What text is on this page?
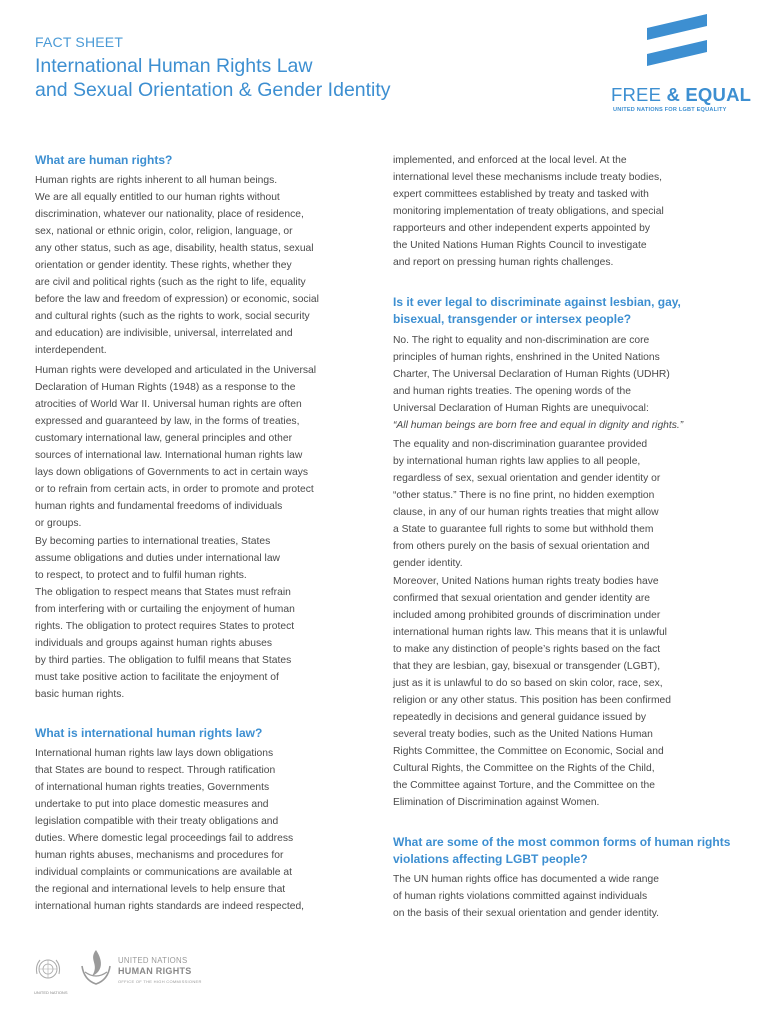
FACT SHEET
International Human Rights Law
and Sexual Orientation & Gender Identity	FREE & EQUAL
UNITED NATIONS FOR LGBT EQUALITY
What are human rights?

Human rights are rights inherent to all human beings.
We are all equally entitled to our human rights without
discrimination, whatever our nationality, place of residence,
sex, national or ethnic origin, color, religion, language, or
any other status, such as age, disability, health status, sexual
orientation or gender identity. These rights, whether they
are civil and political rights (such as the right to life, equality
before the law and freedom of expression) or economic, social
and cultural rights (such as the rights to work, social security
and education) are indivisible, universal, interrelated and
interdependent.

Human rights were developed and articulated in the Universal
Declaration of Human Rights (1948) as a response to the
atrocities of World War II. Universal human rights are often
expressed and guaranteed by law, in the forms of treaties,
customary international law, general principles and other
sources of international law. International human rights law
lays down obligations of Governments to act in certain ways
or to refrain from certain acts, in order to promote and protect
human rights and fundamental freedoms of individuals
or groups.

By becoming parties to international treaties, States
assume obligations and duties under international law
to respect, to protect and to fulfil human rights.
The obligation to respect means that States must refrain
from interfering with or curtailing the enjoyment of human
rights. The obligation to protect requires States to protect
individuals and groups against human rights abuses
by third parties. The obligation to fulfil means that States
must take positive action to facilitate the enjoyment of
basic human rights.

What is international human rights law?

International human rights law lays down obligations
that States are bound to respect. Through ratification
of international human rights treaties, Governments
undertake to put into place domestic measures and
legislation compatible with their treaty obligations and
duties. Where domestic legal proceedings fail to address
human rights abuses, mechanisms and procedures for
individual complaints or communications are available at
the regional and international levels to help ensure that
international human rights standards are indeed respected,

implemented, and enforced at the local level. At the
international level these mechanisms include treaty bodies,
expert committees established by treaty and tasked with
monitoring implementation of treaty obligations, and special
rapporteurs and other independent experts appointed by
the United Nations Human Rights Council to investigate
and report on pressing human rights challenges.

Is it ever legal to discriminate against lesbian, gay,
bisexual, transgender or intersex people?

No. The right to equality and non-discrimination are core
principles of human rights, enshrined in the United Nations
Charter, The Universal Declaration of Human Rights (UDHR)
and human rights treaties. The opening words of the
Universal Declaration of Human Rights are unequivocal:
“All human beings are born free and equal in dignity and rights.”

The equality and non-discrimination guarantee provided
by international human rights law applies to all people,
regardless of sex, sexual orientation and gender identity or
“other status.” There is no fine print, no hidden exemption
clause, in any of our human rights treaties that might allow
a State to guarantee full rights to some but withhold them
from others purely on the basis of sexual orientation and
gender identity.

Moreover, United Nations human rights treaty bodies have
confirmed that sexual orientation and gender identity are
included among prohibited grounds of discrimination under
international human rights law. This means that it is unlawful
to make any distinction of people’s rights based on the fact
that they are lesbian, gay, bisexual or transgender (LGBT),
just as it is unlawful to do so based on skin color, race, sex,
religion or any other status. This position has been confirmed
repeatedly in decisions and general guidance issued by
several treaty bodies, such as the United Nations Human
Rights Committee, the Committee on Economic, Social and
Cultural Rights, the Committee on the Rights of the Child,
the Committee against Torture, and the Committee on the
Elimination of Discrimination against Women.

What are some of the most common forms of human rights
violations affecting LGBT people?

The UN human rights office has documented a wide range
of human rights violations committed against individuals
on the basis of their sexual orientation and gender identity.

UNITED NATIONS
UNITED NATIONS
HUMAN RIGHTS
OFFICE OF THE HIGH COMMISSIONER
